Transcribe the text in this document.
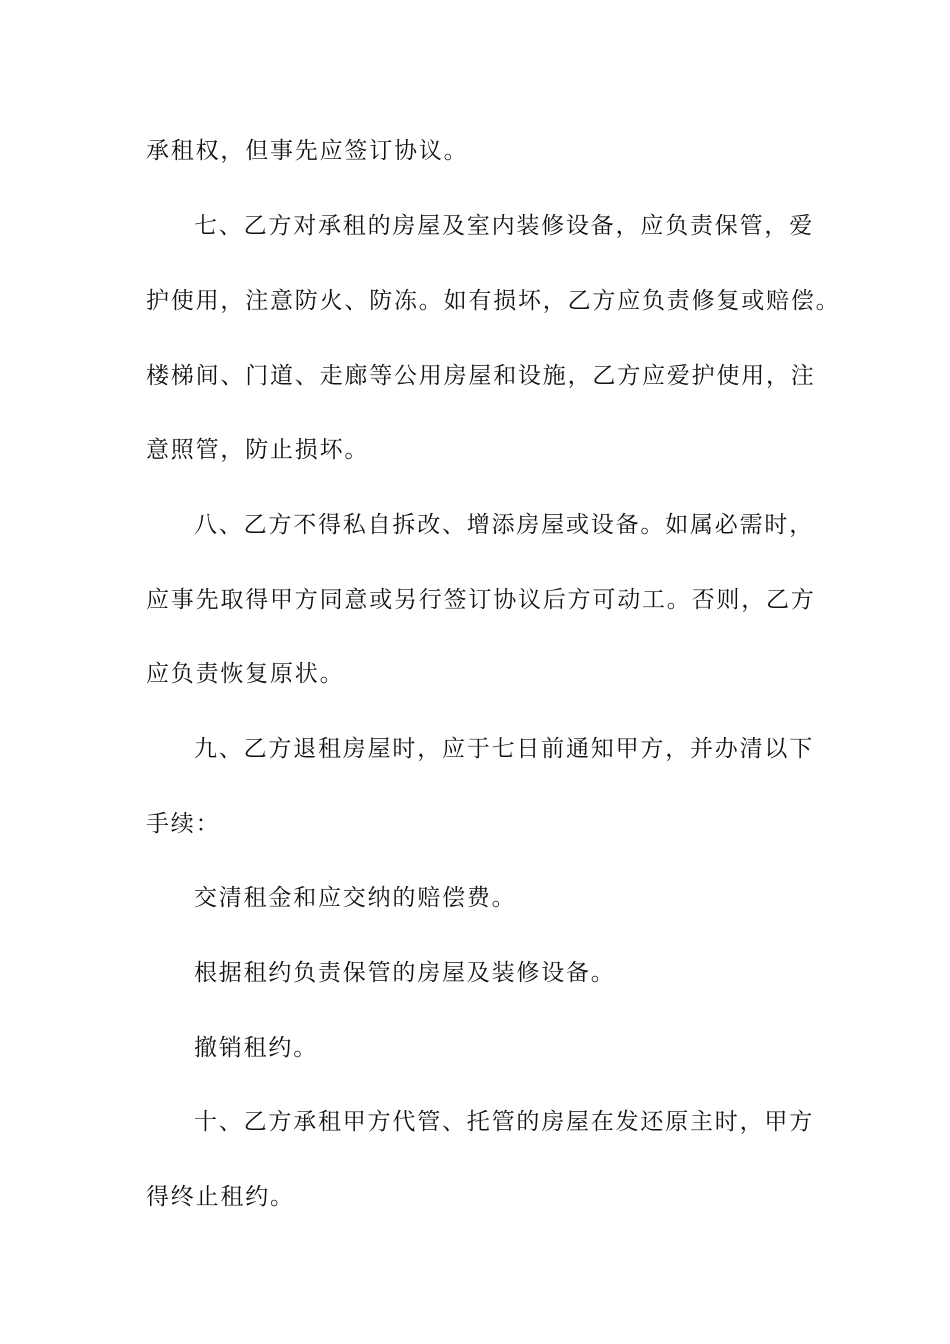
承租权，但事先应签订协议。
七、乙方对承租的房屋及室内装修设备，应负责保管，爱
护使用，注意防火、防冻。如有损坏，乙方应负责修复或赔偿。
楼梯间、门道、走廊等公用房屋和设施，乙方应爱护使用，注
意照管，防止损坏。
八、乙方不得私自拆改、增添房屋或设备。如属必需时，
应事先取得甲方同意或另行签订协议后方可动工。否则，乙方
应负责恢复原状。
九、乙方退租房屋时，应于七日前通知甲方，并办清以下
手续：
交清租金和应交纳的赔偿费。
根据租约负责保管的房屋及装修设备。
撤销租约。
十、乙方承租甲方代管、托管的房屋在发还原主时，甲方
得终止租约。
